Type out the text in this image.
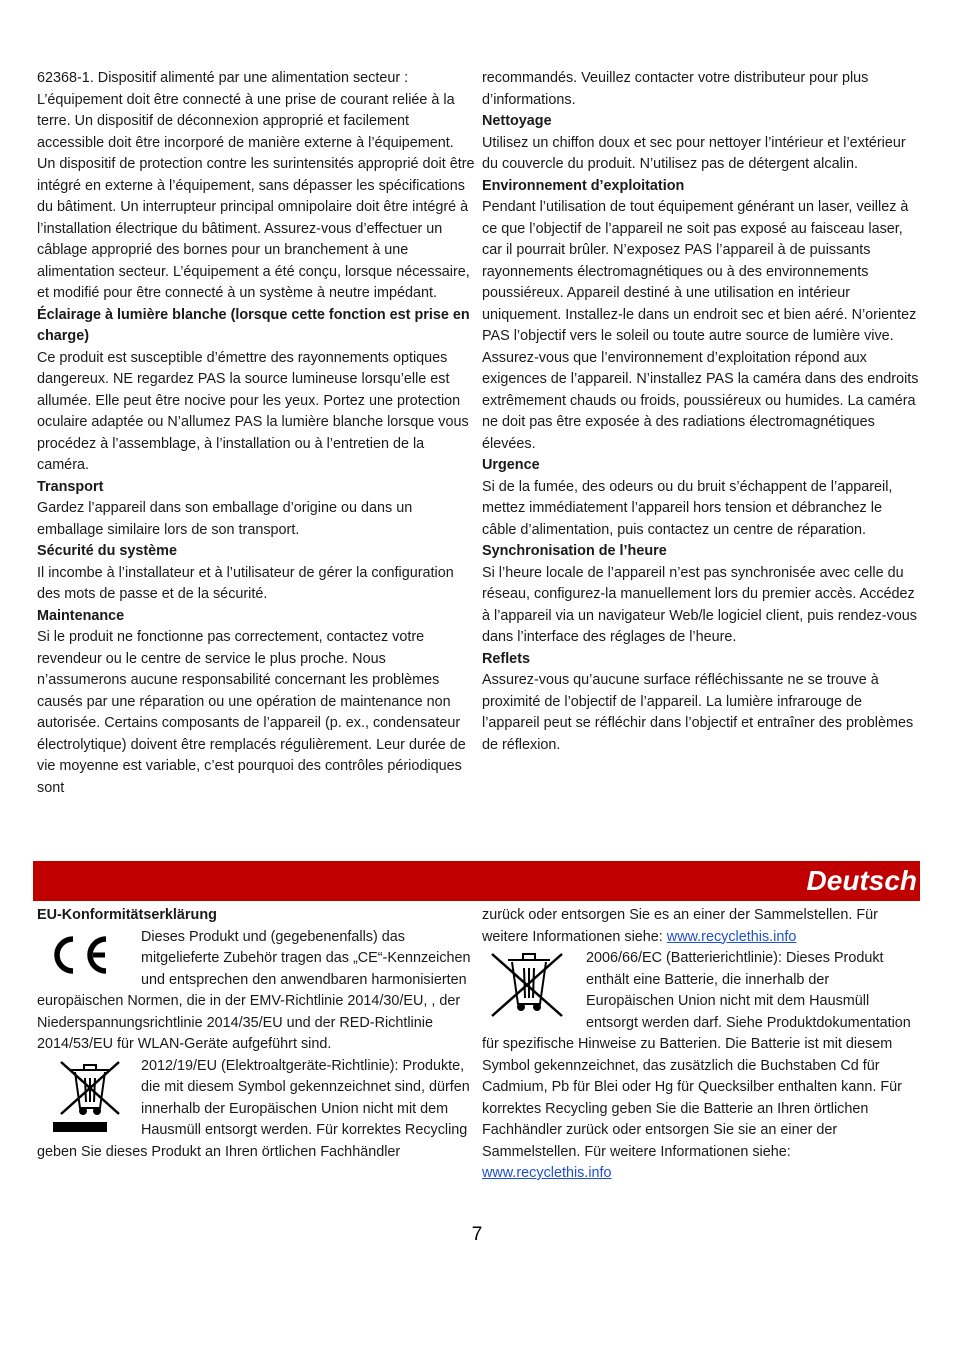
62368-1. Dispositif alimenté par une alimentation secteur : L’équipement doit être connecté à une prise de courant reliée à la terre. Un dispositif de déconnexion approprié et facilement accessible doit être incorporé de manière externe à l’équipement. Un dispositif de protection contre les surintensités approprié doit être intégré en externe à l’équipement, sans dépasser les spécifications du bâtiment. Un interrupteur principal omnipolaire doit être intégré à l’installation électrique du bâtiment. Assurez-vous d’effectuer un câblage approprié des bornes pour un branchement à une alimentation secteur. L’équipement a été conçu, lorsque nécessaire, et modifié pour être connecté à un système à neutre impédant.

Éclairage à lumière blanche (lorsque cette fonction est prise en charge)

Ce produit est susceptible d’émettre des rayonnements optiques dangereux. NE regardez PAS la source lumineuse lorsqu’elle est allumée. Elle peut être nocive pour les yeux. Portez une protection oculaire adaptée ou N’allumez PAS la lumière blanche lorsque vous procédez à l’assemblage, à l’installation ou à l’entretien de la caméra.

Transport

Gardez l’appareil dans son emballage d’origine ou dans un emballage similaire lors de son transport.

Sécurité du système

Il incombe à l’installateur et à l’utilisateur de gérer la configuration des mots de passe et de la sécurité.

Maintenance

Si le produit ne fonctionne pas correctement, contactez votre revendeur ou le centre de service le plus proche. Nous n’assumerons aucune responsabilité concernant les problèmes causés par une réparation ou une opération de maintenance non autorisée. Certains composants de l’appareil (p. ex., condensateur électrolytique) doivent être remplacés régulièrement. Leur durée de vie moyenne est variable, c’est pourquoi des contrôles périodiques sont

recommandés. Veuillez contacter votre distributeur pour plus d’informations.

Nettoyage

Utilisez un chiffon doux et sec pour nettoyer l’intérieur et l’extérieur du couvercle du produit. N’utilisez pas de détergent alcalin.

Environnement d’exploitation

Pendant l’utilisation de tout équipement générant un laser, veillez à ce que l’objectif de l’appareil ne soit pas exposé au faisceau laser, car il pourrait brûler. N’exposez PAS l’appareil à de puissants rayonnements électromagnétiques ou à des environnements poussiéreux. Appareil destiné à une utilisation en intérieur uniquement. Installez-le dans un endroit sec et bien aéré. N’orientez PAS l’objectif vers le soleil ou toute autre source de lumière vive. Assurez-vous que l’environnement d’exploitation répond aux exigences de l’appareil. N’installez PAS la caméra dans des endroits extrêmement chauds ou froids, poussiéreux ou humides. La caméra ne doit pas être exposée à des radiations électromagnétiques élevées.

Urgence

Si de la fumée, des odeurs ou du bruit s’échappent de l’appareil, mettez immédiatement l’appareil hors tension et débranchez le câble d’alimentation, puis contactez un centre de réparation.

Synchronisation de l’heure

Si l’heure locale de l’appareil n’est pas synchronisée avec celle du réseau, configurez-la manuellement lors du premier accès. Accédez à l’appareil via un navigateur Web/le logiciel client, puis rendez-vous dans l’interface des réglages de l’heure.

Reflets

Assurez-vous qu’aucune surface réfléchissante ne se trouve à proximité de l’objectif de l’appareil. La lumière infrarouge de l’appareil peut se réfléchir dans l’objectif et entraîner des problèmes de réflexion.

Deutsch
EU-Konformitätserklärung

Dieses Produkt und (gegebenenfalls) das mitgelieferte Zubehör tragen das „CE“-Kennzeichen und entsprechen den anwendbaren harmonisierten europäischen Normen, die in der EMV-Richtlinie 2014/30/EU, , der Niederspannungsrichtlinie 2014/35/EU und der RED-Richtlinie 2014/53/EU für WLAN-Geräte aufgeführt sind.

2012/19/EU (Elektroaltgeräte-Richtlinie): Produkte, die mit diesem Symbol gekennzeichnet sind, dürfen innerhalb der Europäischen Union nicht mit dem Hausmüll entsorgt werden. Für korrektes Recycling geben Sie dieses Produkt an Ihren örtlichen Fachhändler

zurück oder entsorgen Sie es an einer der Sammelstellen. Für weitere Informationen siehe: www.recyclethis.info

2006/66/EC (Batterierichtlinie): Dieses Produkt enthält eine Batterie, die innerhalb der Europäischen Union nicht mit dem Hausmüll entsorgt werden darf. Siehe Produktdokumentation für spezifische Hinweise zu Batterien. Die Batterie ist mit diesem Symbol gekennzeichnet, das zusätzlich die Buchstaben Cd für Cadmium, Pb für Blei oder Hg für Quecksilber enthalten kann. Für korrektes Recycling geben Sie die Batterie an Ihren örtlichen Fachhändler zurück oder entsorgen Sie sie an einer der Sammelstellen. Für weitere Informationen siehe: www.recyclethis.info

7
